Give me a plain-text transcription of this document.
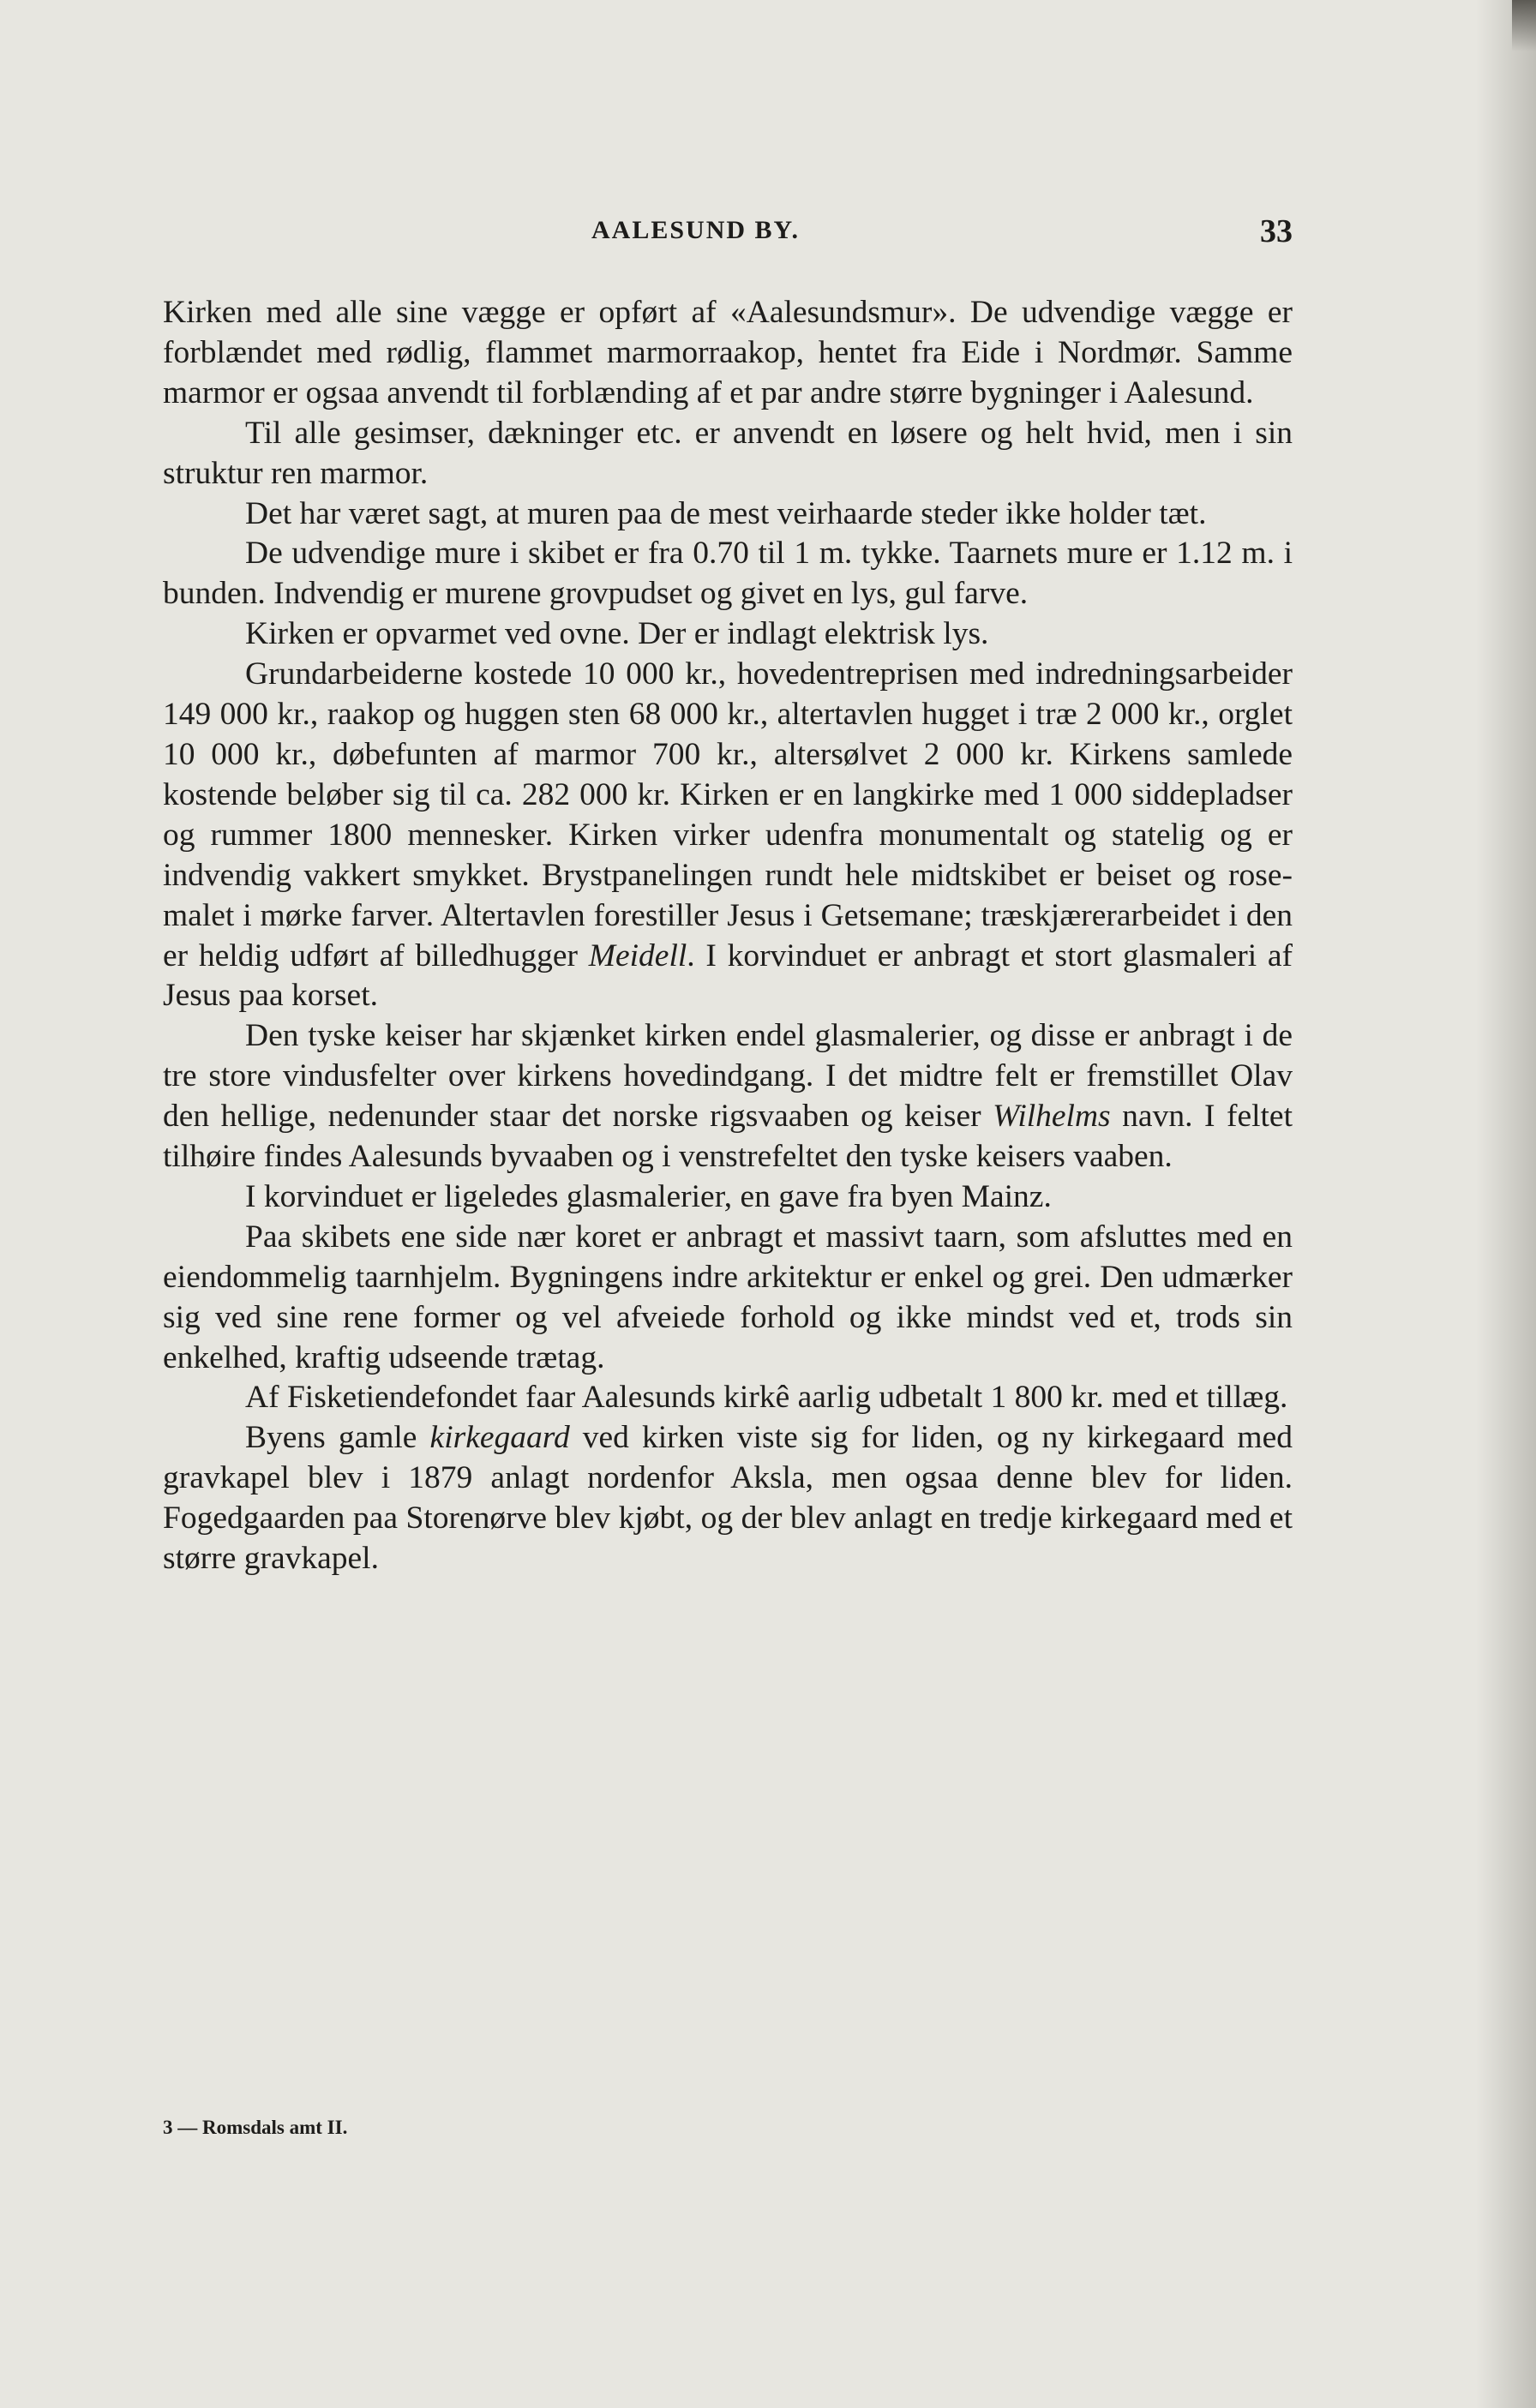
AALESUND BY.	33

Kirken med alle sine vægge er opført af «Aalesundsmur». De udvendige vægge er forblændet med rødlig, flammet marmorraakop, hentet fra Eide i Nordmør. Samme marmor er ogsaa anvendt til forblænding af et par andre større bygninger i Aalesund.

Til alle gesimser, dækninger etc. er anvendt en løsere og helt hvid, men i sin struktur ren marmor.

Det har været sagt, at muren paa de mest veirhaarde steder ikke holder tæt.

De udvendige mure i skibet er fra 0.70 til 1 m. tykke. Taarnets mure er 1.12 m. i bunden. Indvendig er murene grovpudset og givet en lys, gul farve.

Kirken er opvarmet ved ovne. Der er indlagt elektrisk lys.

Grundarbeiderne kostede 10 000 kr., hovedentreprisen med indredningsarbeider 149 000 kr., raakop og huggen sten 68 000 kr., altertavlen hugget i træ 2 000 kr., orglet 10 000 kr., døbefunten af marmor 700 kr., altersølvet 2 000 kr. Kirkens samlede kostende beløber sig til ca. 282 000 kr. Kirken er en langkirke med 1 000 siddepladser og rummer 1800 mennesker. Kirken virker udenfra monumentalt og statelig og er indvendig vakkert smykket. Brystpanelingen rundt hele midtskibet er beiset og rosemalet i mørke farver. Altertavlen forestiller Jesus i Getsemane; træskjærerarbeidet i den er heldig udført af billedhugger Meidell. I korvinduet er anbragt et stort glasmaleri af Jesus paa korset.

Den tyske keiser har skjænket kirken endel glasmalerier, og disse er anbragt i de tre store vindusfelter over kirkens hovedindgang. I det midtre felt er fremstillet Olav den hellige, nedenunder staar det norske rigsvaaben og keiser Wilhelms navn. I feltet tilhøire findes Aalesunds byvaaben og i venstrefeltet den tyske keisers vaaben.

I korvinduet er ligeledes glasmalerier, en gave fra byen Mainz.

Paa skibets ene side nær koret er anbragt et massivt taarn, som afsluttes med en eiendommelig taarnhjelm. Bygningens indre arkitektur er enkel og grei. Den udmærker sig ved sine rene former og vel afveiede forhold og ikke mindst ved et, trods sin enkelhed, kraftig udseende trætag.

Af Fisketiendefondet faar Aalesunds kirkê aarlig udbetalt 1 800 kr. med et tillæg.

Byens gamle kirkegaard ved kirken viste sig for liden, og ny kirkegaard med gravkapel blev i 1879 anlagt nordenfor Aksla, men ogsaa denne blev for liden. Fogedgaarden paa Storenørve blev kjøbt, og der blev anlagt en tredje kirkegaard med et større gravkapel.

3 — Romsdals amt II.
